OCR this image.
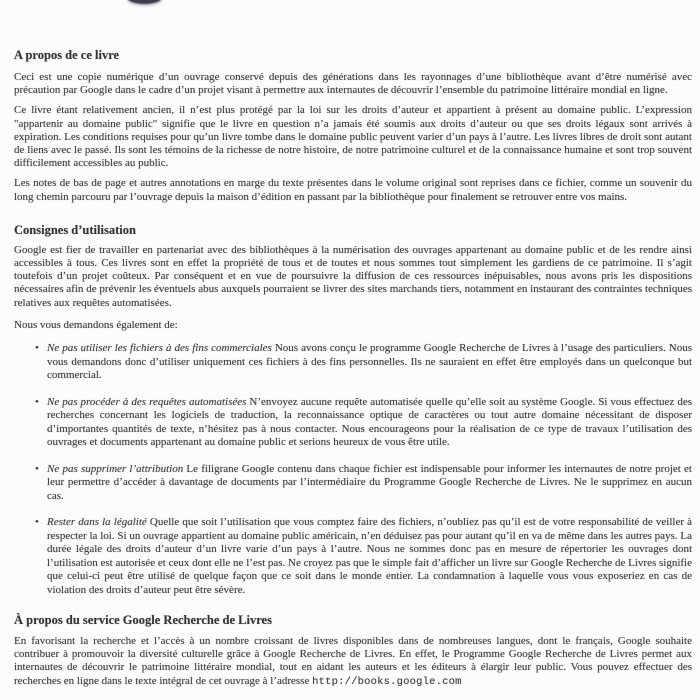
A propos de ce livre

Ceci est une copie numérique d’un ouvrage conservé depuis des générations dans les rayonnages d’une bibliothèque avant d’être numérisé avec précaution par Google dans le cadre d’un projet visant à permettre aux internautes de découvrir l’ensemble du patrimoine littéraire mondial en ligne.

Ce livre étant relativement ancien, il n’est plus protégé par la loi sur les droits d’auteur et appartient à présent au domaine public. L’expression "appartenir au domaine public" signifie que le livre en question n’a jamais été soumis aux droits d’auteur ou que ses droits légaux sont arrivés à expiration. Les conditions requises pour qu’un livre tombe dans le domaine public peuvent varier d’un pays à l’autre. Les livres libres de droit sont autant de liens avec le passé. Ils sont les témoins de la richesse de notre histoire, de notre patrimoine culturel et de la connaissance humaine et sont trop souvent difficilement accessibles au public.

Les notes de bas de page et autres annotations en marge du texte présentes dans le volume original sont reprises dans ce fichier, comme un souvenir du long chemin parcouru par l’ouvrage depuis la maison d’édition en passant par la bibliothèque pour finalement se retrouver entre vos mains.

Consignes d’utilisation

Google est fier de travailler en partenariat avec des bibliothèques à la numérisation des ouvrages appartenant au domaine public et de les rendre ainsi accessibles à tous. Ces livres sont en effet la propriété de tous et de toutes et nous sommes tout simplement les gardiens de ce patrimoine. Il s’agit toutefois d’un projet coûteux. Par conséquent et en vue de poursuivre la diffusion de ces ressources inépuisables, nous avons pris les dispositions nécessaires afin de prévenir les éventuels abus auxquels pourraient se livrer des sites marchands tiers, notamment en instaurant des contraintes techniques relatives aux requêtes automatisées.

Nous vous demandons également de:

• Ne pas utiliser les fichiers à des fins commerciales Nous avons conçu le programme Google Recherche de Livres à l’usage des particuliers. Nous vous demandons donc d’utiliser uniquement ces fichiers à des fins personnelles. Ils ne sauraient en effet être employés dans un quelconque but commercial.
• Ne pas procéder à des requêtes automatisées N’envoyez aucune requête automatisée quelle qu’elle soit au système Google. Si vous effectuez des recherches concernant les logiciels de traduction, la reconnaissance optique de caractères ou tout autre domaine nécessitant de disposer d’importantes quantités de texte, n’hésitez pas à nous contacter. Nous encourageons pour la réalisation de ce type de travaux l’utilisation des ouvrages et documents appartenant au domaine public et serions heureux de vous être utile.
• Ne pas supprimer l’attribution Le filigrane Google contenu dans chaque fichier est indispensable pour informer les internautes de notre projet et leur permettre d’accéder à davantage de documents par l’intermédiaire du Programme Google Recherche de Livres. Ne le supprimez en aucun cas.
• Rester dans la légalité Quelle que soit l’utilisation que vous comptez faire des fichiers, n’oubliez pas qu’il est de votre responsabilité de veiller à respecter la loi. Si un ouvrage appartient au domaine public américain, n’en déduisez pas pour autant qu’il en va de même dans les autres pays. La durée légale des droits d’auteur d’un livre varie d’un pays à l’autre. Nous ne sommes donc pas en mesure de répertorier les ouvrages dont l’utilisation est autorisée et ceux dont elle ne l’est pas. Ne croyez pas que le simple fait d’afficher un livre sur Google Recherche de Livres signifie que celui-ci peut être utilisé de quelque façon que ce soit dans le monde entier. La condamnation à laquelle vous vous exposeriez en cas de violation des droits d’auteur peut être sévère.
À propos du service Google Recherche de Livres

En favorisant la recherche et l’accès à un nombre croissant de livres disponibles dans de nombreuses langues, dont le français, Google souhaite contribuer à promouvoir la diversité culturelle grâce à Google Recherche de Livres. En effet, le Programme Google Recherche de Livres permet aux internautes de découvrir le patrimoine littéraire mondial, tout en aidant les auteurs et les éditeurs à élargir leur public. Vous pouvez effectuer des recherches en ligne dans le texte intégral de cet ouvrage à l’adresse http://books.google.com
